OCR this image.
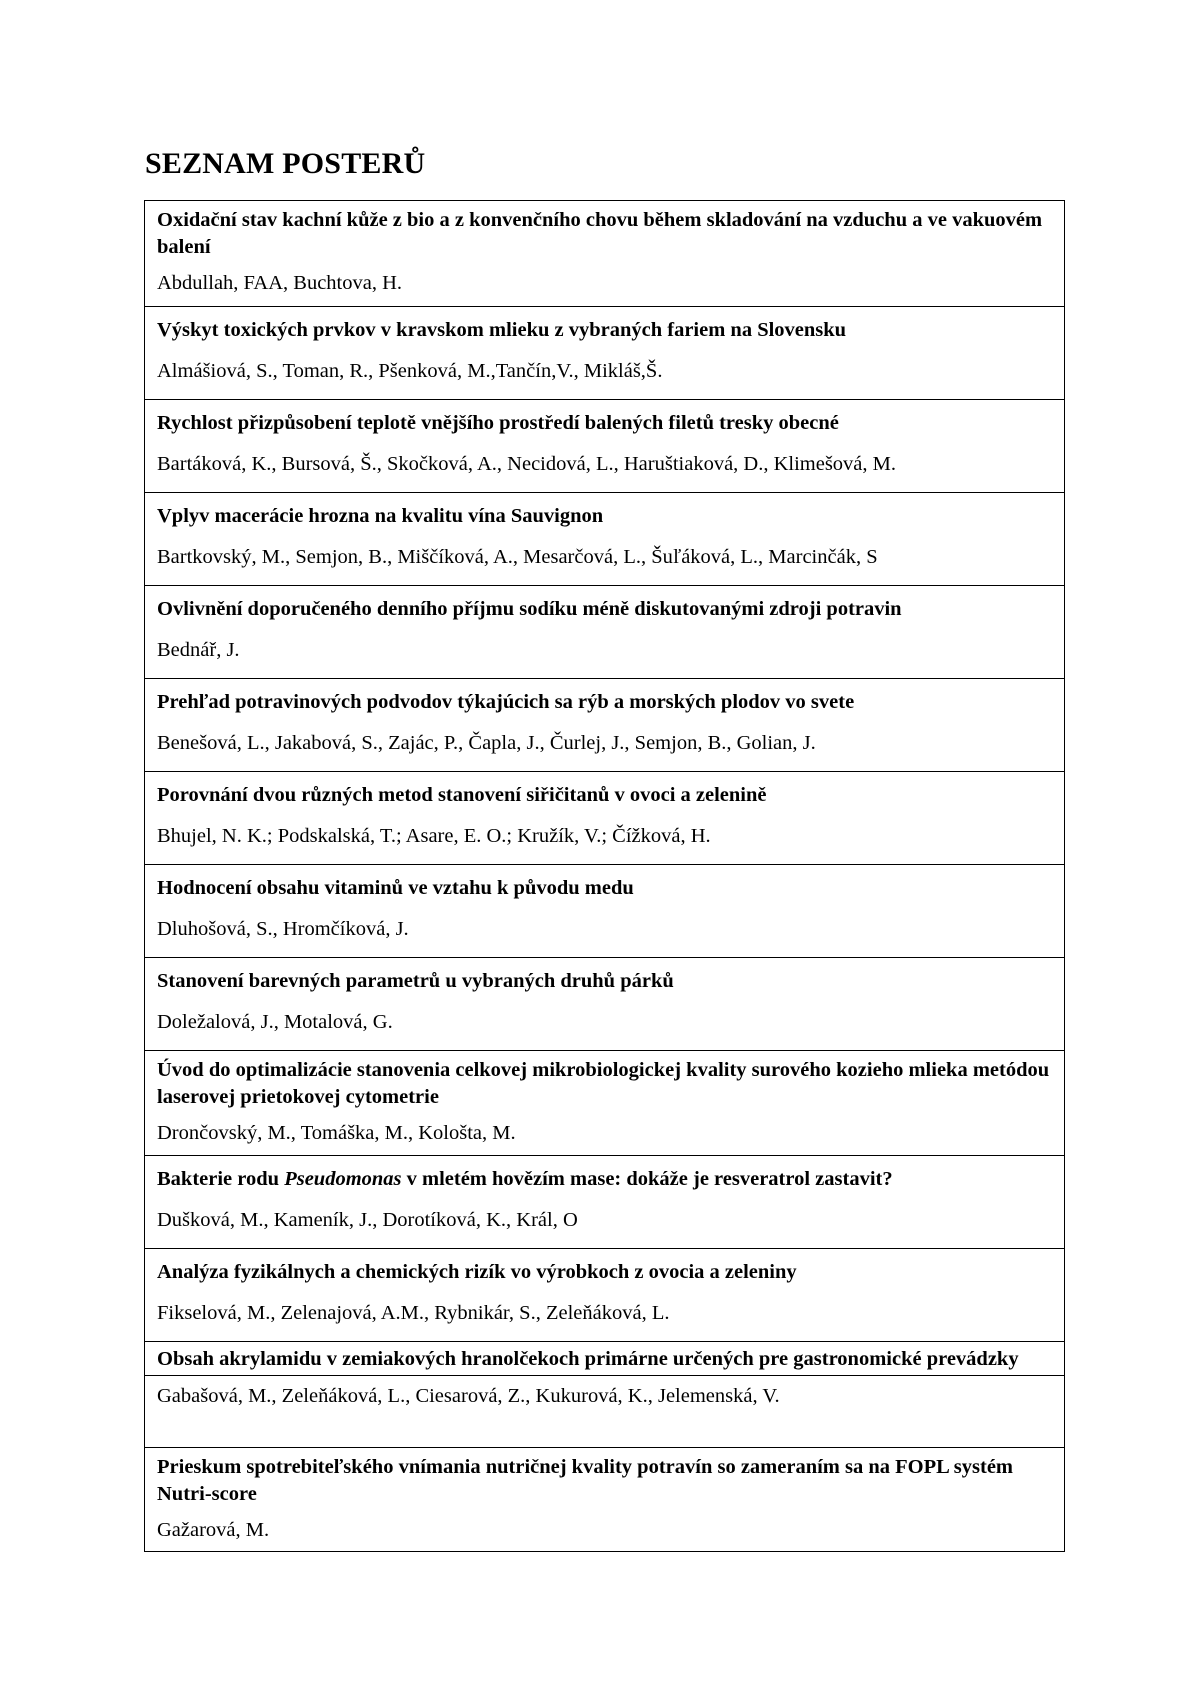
SEZNAM POSTERŮ
Oxidační stav kachní kůže z bio a z konvenčního chovu během skladování na vzduchu a ve vakuovém balení
Abdullah, FAA, Buchtova, H.
Výskyt toxických prvkov v kravskom mlieku z vybraných fariem na Slovensku
Almášiová, S., Toman, R., Pšenková, M.,Tančín,V., Mikláš,Š.
Rychlost přizpůsobení teplotě vnějšího prostředí balených filetů tresky obecné
Bartáková, K., Bursová, Š., Skočková, A., Necidová, L., Haruštiaková, D., Klimešová, M.
Vplyv macerácie hrozna na kvalitu vína Sauvignon
Bartkovský, M., Semjon, B., Miščíková, A., Mesarčová, L., Šuľáková, L., Marcinčák, S
Ovlivnění doporučeného denního příjmu sodíku méně diskutovanými zdroji potravin
Bednář, J.
Prehľad potravinových podvodov týkajúcich sa rýb a morských plodov vo svete
Benešová, L., Jakabová, S., Zajác, P., Čapla, J., Čurlej, J., Semjon, B., Golian, J.
Porovnání dvou různých metod stanovení siřičitanů v ovoci a zelenině
Bhujel, N. K.; Podskalská, T.; Asare, E. O.; Kružík, V.; Čížková, H.
Hodnocení obsahu vitaminů ve vztahu k původu medu
Dluhošová, S., Hromčíková, J.
Stanovení barevných parametrů u vybraných druhů párků
Doležalová, J., Motalová, G.
Úvod do optimalizácie stanovenia celkovej mikrobiologickej kvality surového kozieho mlieka metódou laserovej prietokovej cytometrie
Drončovský, M., Tomáška, M., Kološta, M.
Bakterie rodu Pseudomonas v mletém hovězím mase: dokáže je resveratrol zastavit?
Dušková, M., Kameník, J., Dorotíková, K., Král, O
Analýza fyzikálnych a chemických rizík vo výrobkoch z ovocia a zeleniny
Fikselová, M., Zelenajová, A.M., Rybnikár, S., Zeleňáková, L.
Obsah akrylamidu v zemiakových hranolčekoch primárne určených pre gastronomické prevádzky
Gabašová, M., Zeleňáková, L., Ciesarová, Z., Kukurová, K., Jelemenská, V.
Prieskum spotrebiteľského vnímania nutričnej kvality potravín so zameraním sa na FOPL systém Nutri-score
Gažarová, M.
